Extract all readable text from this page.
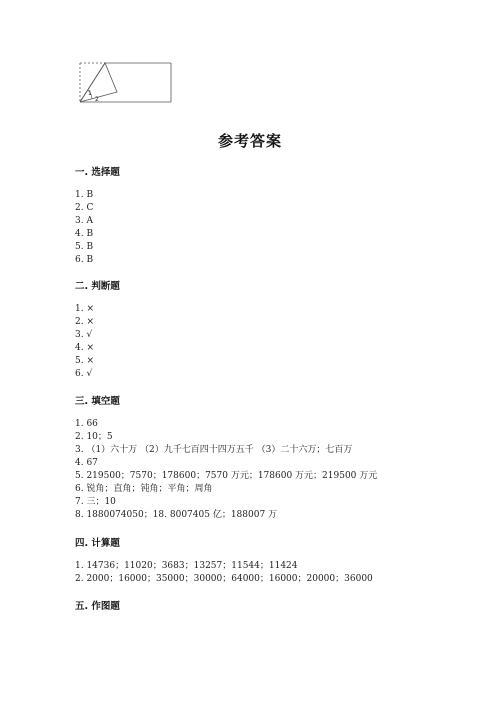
1
2
参考答案
一. 选择题
1. B
2. C
3. A
4. B
5. B
6. B
二. 判断题
1. ×
2. ×
3. √
4. ×
5. ×
6. √
三. 填空题
1. 66
2. 10；5
3. （1）六十万 （2）九千七百四十四万五千 （3）二十六万；七百万
4. 67
5. 219500；7570；178600；7570 万元；178600 万元；219500 万元
6. 锐角；直角；钝角；平角；周角
7. 三；10
8. 1880074050；18. 8007405 亿；188007 万
四. 计算题
1. 14736；11020；3683；13257；11544；11424
2. 2000；16000；35000；30000；64000；16000；20000；36000
五. 作图题
